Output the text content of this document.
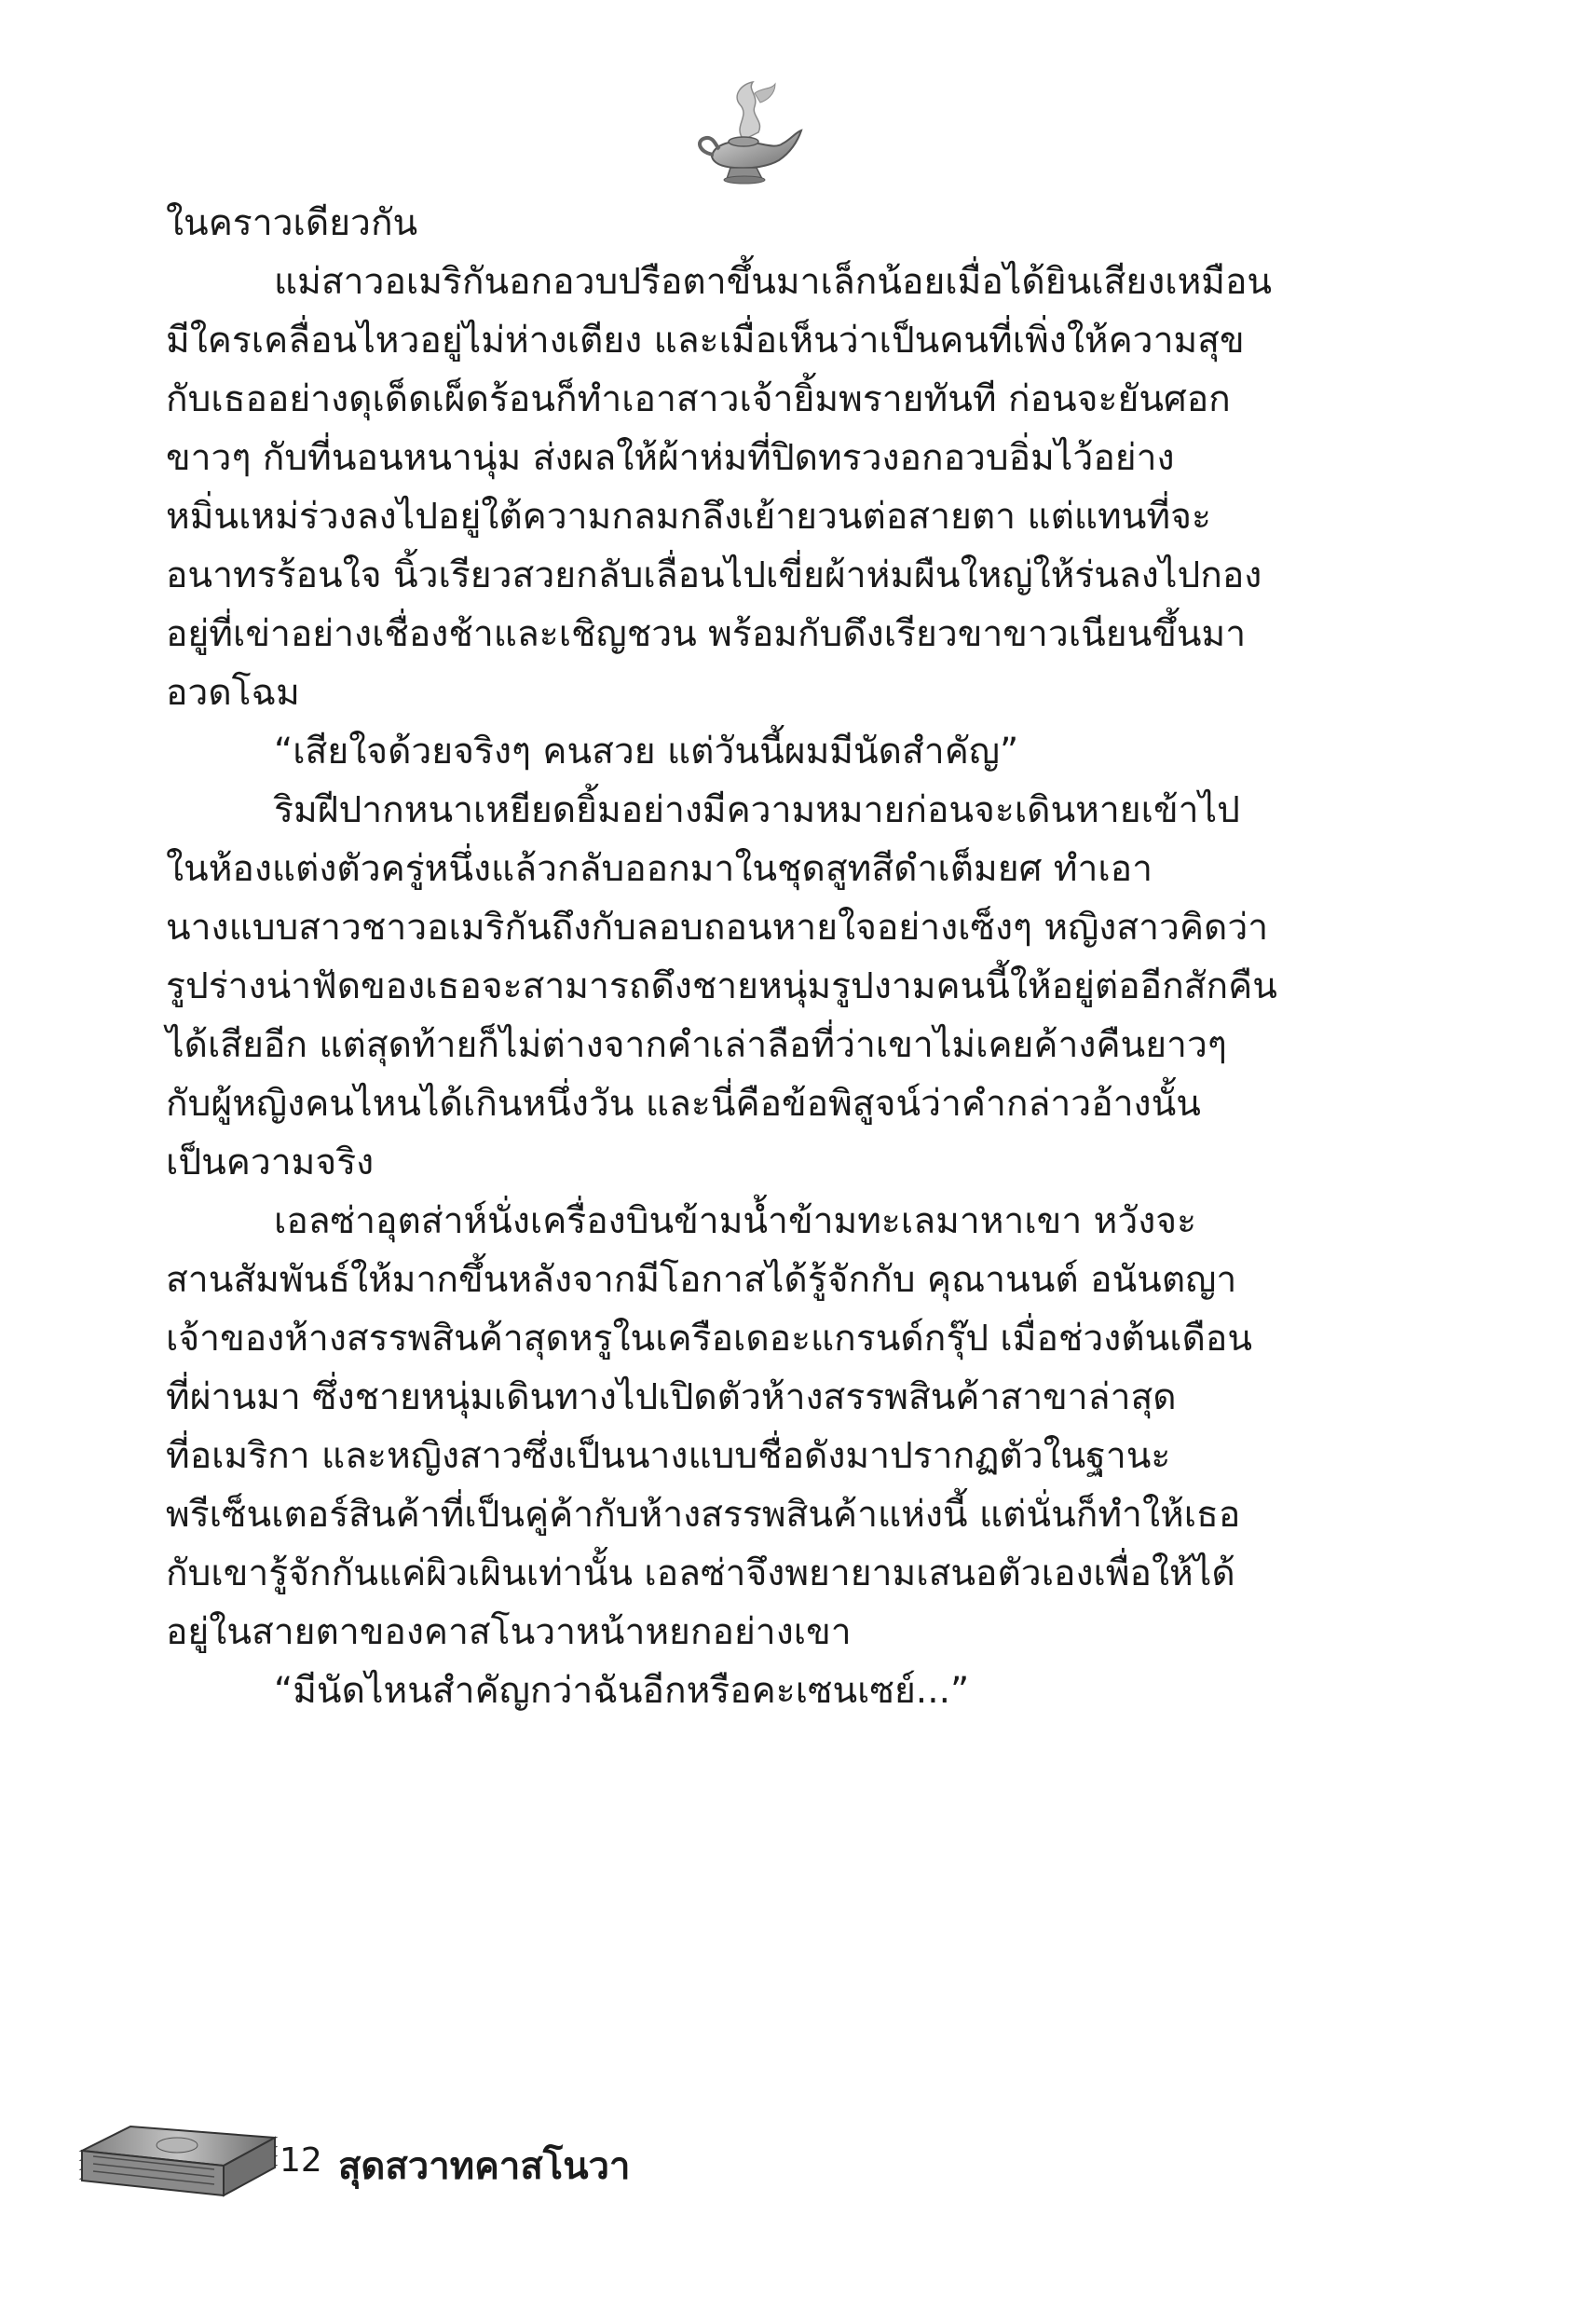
ในคราวเดียวกัน
แม่สาวอเมริกันอกอวบปรือตาขึ้นมาเล็กน้อยเมื่อได้ยินเสียงเหมือน
มีใครเคลื่อนไหวอยู่ไม่ห่างเตียง และเมื่อเห็นว่าเป็นคนที่เพิ่งให้ความสุข
กับเธออย่างดุเด็ดเผ็ดร้อนก็ทำเอาสาวเจ้ายิ้มพรายทันที ก่อนจะยันศอก
ขาวๆ กับที่นอนหนานุ่ม ส่งผลให้ผ้าห่มที่ปิดทรวงอกอวบอิ่มไว้อย่าง
หมิ่นเหม่ร่วงลงไปอยู่ใต้ความกลมกลึงเย้ายวนต่อสายตา แต่แทนที่จะ
อนาทรร้อนใจ นิ้วเรียวสวยกลับเลื่อนไปเขี่ยผ้าห่มผืนใหญ่ให้ร่นลงไปกอง
อยู่ที่เข่าอย่างเชื่องช้าและเชิญชวน พร้อมกับดึงเรียวขาขาวเนียนขึ้นมา
อวดโฉม
“เสียใจด้วยจริงๆ คนสวย แต่วันนี้ผมมีนัดสำคัญ”
ริมฝีปากหนาเหยียดยิ้มอย่างมีความหมายก่อนจะเดินหายเข้าไป
ในห้องแต่งตัวครู่หนึ่งแล้วกลับออกมาในชุดสูทสีดำเต็มยศ ทำเอา
นางแบบสาวชาวอเมริกันถึงกับลอบถอนหายใจอย่างเซ็งๆ หญิงสาวคิดว่า
รูปร่างน่าฟัดของเธอจะสามารถดึงชายหนุ่มรูปงามคนนี้ให้อยู่ต่ออีกสักคืน
ได้เสียอีก แต่สุดท้ายก็ไม่ต่างจากคำเล่าลือที่ว่าเขาไม่เคยค้างคืนยาวๆ
กับผู้หญิงคนไหนได้เกินหนึ่งวัน และนี่คือข้อพิสูจน์ว่าคำกล่าวอ้างนั้น
เป็นความจริง
เอลซ่าอุตส่าห์นั่งเครื่องบินข้ามน้ำข้ามทะเลมาหาเขา หวังจะ
สานสัมพันธ์ให้มากขึ้นหลังจากมีโอกาสได้รู้จักกับ คุณานนต์ อนันตญา
เจ้าของห้างสรรพสินค้าสุดหรูในเครือเดอะแกรนด์กรุ๊ป เมื่อช่วงต้นเดือน
ที่ผ่านมา ซึ่งชายหนุ่มเดินทางไปเปิดตัวห้างสรรพสินค้าสาขาล่าสุด
ที่อเมริกา และหญิงสาวซึ่งเป็นนางแบบชื่อดังมาปรากฏตัวในฐานะ
พรีเซ็นเตอร์สินค้าที่เป็นคู่ค้ากับห้างสรรพสินค้าแห่งนี้ แต่นั่นก็ทำให้เธอ
กับเขารู้จักกันแค่ผิวเผินเท่านั้น เอลซ่าจึงพยายามเสนอตัวเองเพื่อให้ได้
อยู่ในสายตาของคาสโนวาหน้าหยกอย่างเขา
“มีนัดไหนสำคัญกว่าฉันอีกหรือคะเซนเซย์...”
12 สุดสวาทคาสโนวา
